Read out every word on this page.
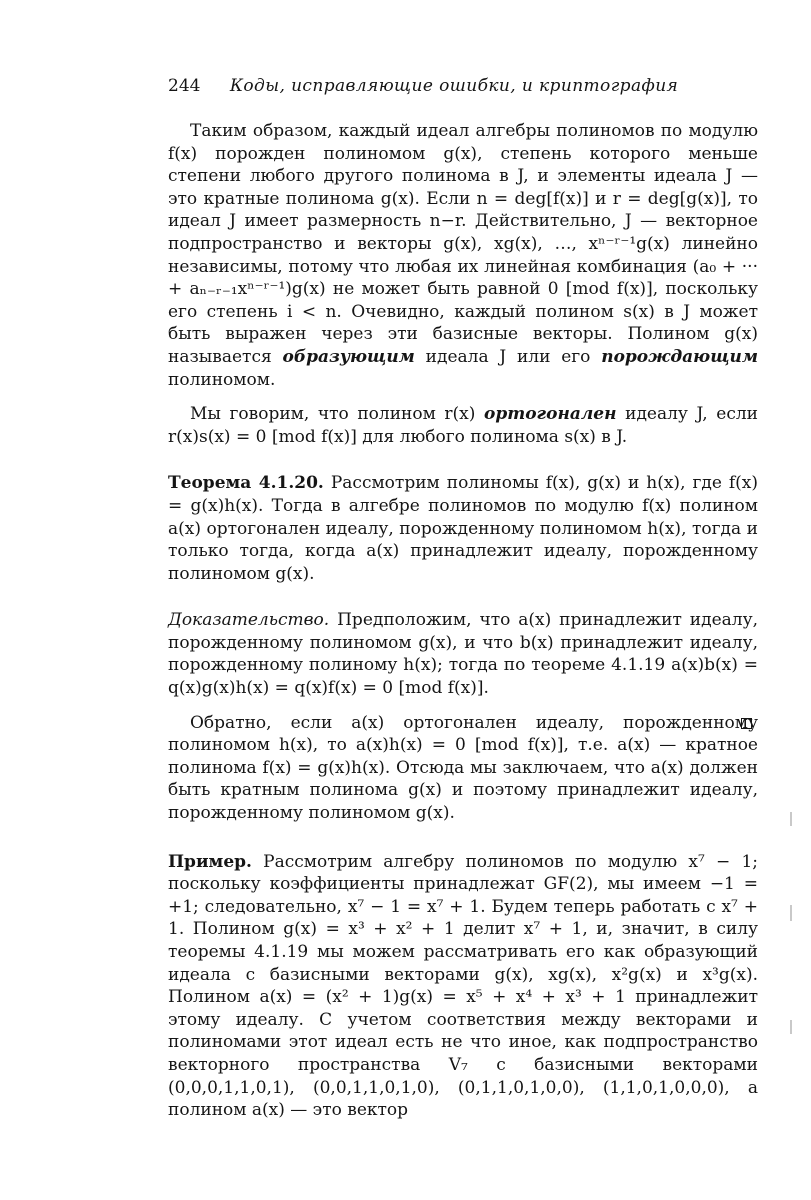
244 Коды, исправляющие ошибки, и криптография

Таким образом, каждый идеал алгебры полиномов по модулю f(x) порожден полиномом g(x), степень которого меньше степени любого другого полинома в J, и элементы идеала J — это кратные полинома g(x). Если n = deg[f(x)] и r = deg[g(x)], то идеал J имеет размерность n−r. Действительно, J — векторное подпространство и векторы g(x), xg(x), …, xⁿ⁻ʳ⁻¹g(x) линейно независимы, потому что любая их линейная комбинация (a₀ + ··· + aₙ₋ᵣ₋₁xⁿ⁻ʳ⁻¹)g(x) не может быть равной 0 [mod f(x)], поскольку его степень i < n. Очевидно, каждый полином s(x) в J может быть выражен через эти базисные векторы. Полином g(x) называется образующим идеала J или его порождающим полиномом.

Мы говорим, что полином r(x) ортогонален идеалу J, если r(x)s(x) = 0 [mod f(x)] для любого полинома s(x) в J.

Теорема 4.1.20. Рассмотрим полиномы f(x), g(x) и h(x), где f(x) = g(x)h(x). Тогда в алгебре полиномов по модулю f(x) полином a(x) ортогонален идеалу, порожденному полиномом h(x), тогда и только тогда, когда a(x) принадлежит идеалу, порожденному полиномом g(x).

Доказательство. Предположим, что a(x) принадлежит идеалу, порожденному полиномом g(x), и что b(x) принадлежит идеалу, порожденному полиному h(x); тогда по теореме 4.1.19 a(x)b(x) = q(x)g(x)h(x) = q(x)f(x) = 0 [mod f(x)].

Обратно, если a(x) ортогонален идеалу, порожденному полиномом h(x), то a(x)h(x) = 0 [mod f(x)], т.е. a(x) — кратное полинома f(x) = g(x)h(x). Отсюда мы заключаем, что a(x) должен быть кратным полинома g(x) и поэтому принадлежит идеалу, порожденному полиномом g(x).

Пример. Рассмотрим алгебру полиномов по модулю x⁷ − 1; поскольку коэффициенты принадлежат GF(2), мы имеем −1 = +1; следовательно, x⁷ − 1 = x⁷ + 1. Будем теперь работать с x⁷ + 1. Полином g(x) = x³ + x² + 1 делит x⁷ + 1, и, значит, в силу теоремы 4.1.19 мы можем рассматривать его как образующий идеала с базисными векторами g(x), xg(x), x²g(x) и x³g(x). Полином a(x) = (x² + 1)g(x) = x⁵ + x⁴ + x³ + 1 принадлежит этому идеалу. С учетом соответствия между векторами и полиномами этот идеал есть не что иное, как подпространство векторного пространства V₇ с базисными векторами (0,0,0,1,1,0,1), (0,0,1,1,0,1,0), (0,1,1,0,1,0,0), (1,1,0,1,0,0,0), а полином a(x) — это вектор
